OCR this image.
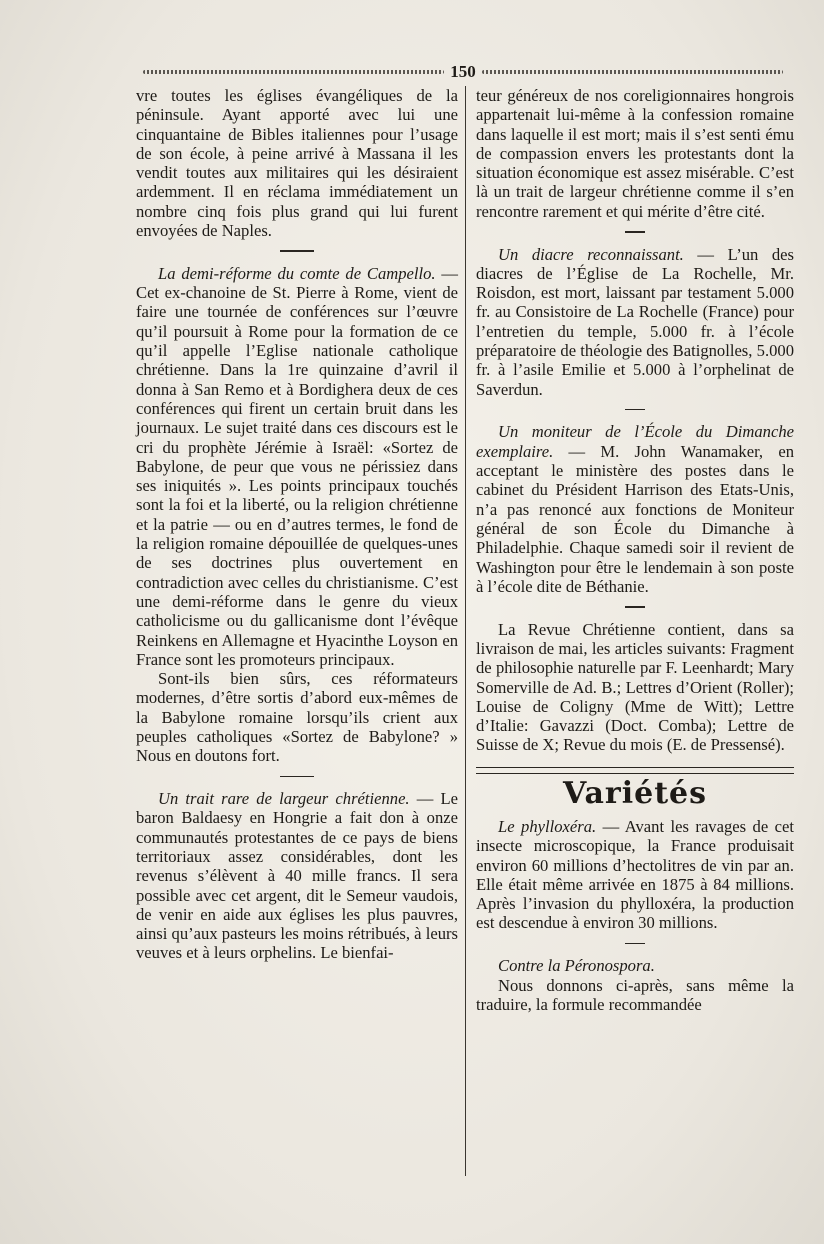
150

vre toutes les églises évangéliques de la péninsule. Ayant apporté avec lui une cinquantaine de Bibles italiennes pour l’usage de son école, à peine arrivé à Massana il les vendit toutes aux militaires qui les désiraient ardemment. Il en réclama immédiatement un nombre cinq fois plus grand qui lui furent envoyées de Naples.

La demi-réforme du comte de Campello. — Cet ex-chanoine de St. Pierre à Rome, vient de faire une tournée de conférences sur l’œuvre qu’il poursuit à Rome pour la formation de ce qu’il appelle l’Eglise nationale catholique chrétienne. Dans la 1re quinzaine d’avril il donna à San Remo et à Bordighera deux de ces conférences qui firent un certain bruit dans les journaux. Le sujet traité dans ces discours est le cri du prophète Jérémie à Israël: «Sortez de Babylone, de peur que vous ne périssiez dans ses iniquités ». Les points principaux touchés sont la foi et la liberté, ou la religion chrétienne et la patrie — ou en d’autres termes, le fond de la religion romaine dépouillée de quelques-unes de ses doctrines plus ouvertement en contradiction avec celles du christianisme. C’est une demi-réforme dans le genre du vieux catholicisme ou du gallicanisme dont l’évêque Reinkens en Allemagne et Hyacinthe Loyson en France sont les promoteurs principaux.

Sont-ils bien sûrs, ces réformateurs modernes, d’être sortis d’abord eux-mêmes de la Babylone romaine lorsqu’ils crient aux peuples catholiques «Sortez de Babylone? » Nous en doutons fort.

Un trait rare de largeur chrétienne. — Le baron Baldaesy en Hongrie a fait don à onze communautés protestantes de ce pays de biens territoriaux assez considérables, dont les revenus s’élèvent à 40 mille francs. Il sera possible avec cet argent, dit le Semeur vaudois, de venir en aide aux églises les plus pauvres, ainsi qu’aux pasteurs les moins rétribués, à leurs veuves et à leurs orphelins. Le bienfai-

teur généreux de nos coreligionnaires hongrois appartenait lui-même à la confession romaine dans laquelle il est mort; mais il s’est senti ému de compassion envers les protestants dont la situation économique est assez misérable. C’est là un trait de largeur chrétienne comme il s’en rencontre rarement et qui mérite d’être cité.

Un diacre reconnaissant. — L’un des diacres de l’Église de La Rochelle, Mr. Roisdon, est mort, laissant par testament 5.000 fr. au Consistoire de La Rochelle (France) pour l’entretien du temple, 5.000 fr. à l’école préparatoire de théologie des Batignolles, 5.000 fr. à l’asile Emilie et 5.000 à l’orphelinat de Saverdun.

Un moniteur de l’École du Dimanche exemplaire. — M. John Wanamaker, en acceptant le ministère des postes dans le cabinet du Président Harrison des Etats-Unis, n’a pas renoncé aux fonctions de Moniteur général de son École du Dimanche à Philadelphie. Chaque samedi soir il revient de Washington pour être le lendemain à son poste à l’école dite de Béthanie.

La Revue Chrétienne contient, dans sa livraison de mai, les articles suivants: Fragment de philosophie naturelle par F. Leenhardt; Mary Somerville de Ad. B.; Lettres d’Orient (Roller); Louise de Coligny (Mme de Witt); Lettre d’Italie: Gavazzi (Doct. Comba); Lettre de Suisse de X; Revue du mois (E. de Pressensé).

Variétés

Le phylloxéra. — Avant les ravages de cet insecte microscopique, la France produisait environ 60 millions d’hectolitres de vin par an. Elle était même arrivée en 1875 à 84 millions. Après l’invasion du phylloxéra, la production est descendue à environ 30 millions.

Contre la Péronospora.

Nous donnons ci-après, sans même la traduire, la formule recommandée
